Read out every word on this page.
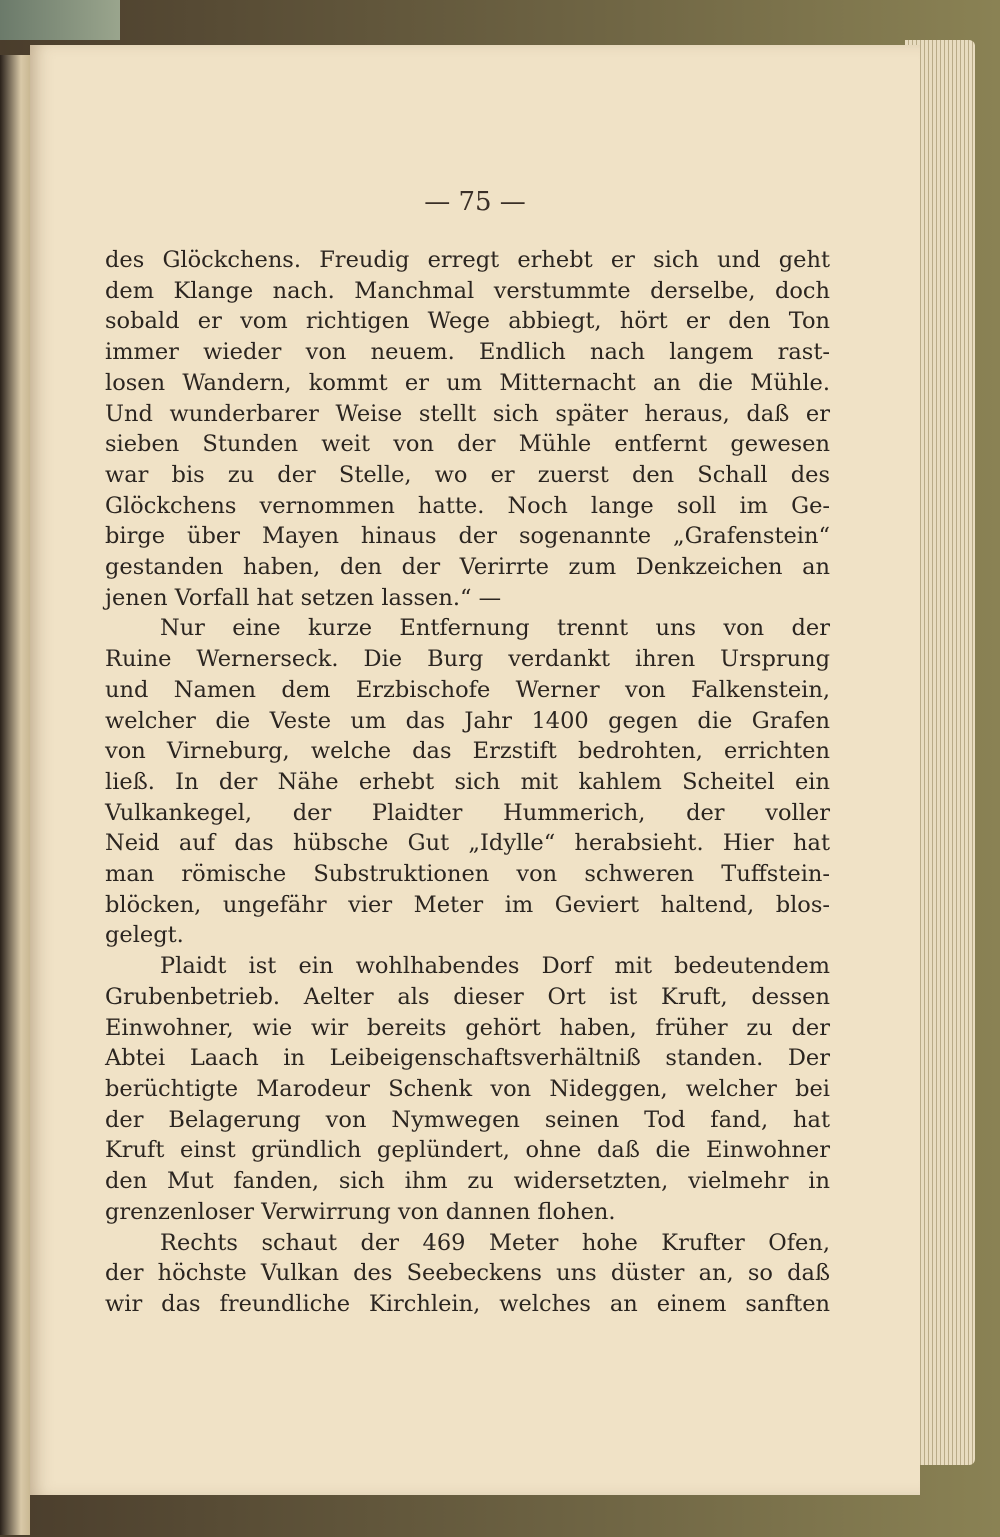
— 75 —
des Glöckchens. Freudig erregt erhebt er sich und geht
dem Klange nach. Manchmal verstummte derselbe, doch
sobald er vom richtigen Wege abbiegt, hört er den Ton
immer wieder von neuem. Endlich nach langem rast-
losen Wandern, kommt er um Mitternacht an die Mühle.
Und wunderbarer Weise stellt sich später heraus, daß er
sieben Stunden weit von der Mühle entfernt gewesen
war bis zu der Stelle, wo er zuerst den Schall des
Glöckchens vernommen hatte. Noch lange soll im Ge-
birge über Mayen hinaus der sogenannte „Grafenstein“
gestanden haben, den der Verirrte zum Denkzeichen an
jenen Vorfall hat setzen lassen.“ —
Nur eine kurze Entfernung trennt uns von der
Ruine Wernerseck. Die Burg verdankt ihren Ursprung
und Namen dem Erzbischofe Werner von Falkenstein,
welcher die Veste um das Jahr 1400 gegen die Grafen
von Virneburg, welche das Erzstift bedrohten, errichten
ließ. In der Nähe erhebt sich mit kahlem Scheitel ein
Vulkankegel, der Plaidter Hummerich, der voller
Neid auf das hübsche Gut „Idylle“ herabsieht. Hier hat
man römische Substruktionen von schweren Tuffstein-
blöcken, ungefähr vier Meter im Geviert haltend, blos-
gelegt.
Plaidt ist ein wohlhabendes Dorf mit bedeutendem
Grubenbetrieb. Aelter als dieser Ort ist Kruft, dessen
Einwohner, wie wir bereits gehört haben, früher zu der
Abtei Laach in Leibeigenschaftsverhältniß standen. Der
berüchtigte Marodeur Schenk von Nideggen, welcher bei
der Belagerung von Nymwegen seinen Tod fand, hat
Kruft einst gründlich geplündert, ohne daß die Einwohner
den Mut fanden, sich ihm zu widersetzten, vielmehr in
grenzenloser Verwirrung von dannen flohen.
Rechts schaut der 469 Meter hohe Krufter Ofen,
der höchste Vulkan des Seebeckens uns düster an, so daß
wir das freundliche Kirchlein, welches an einem sanften
